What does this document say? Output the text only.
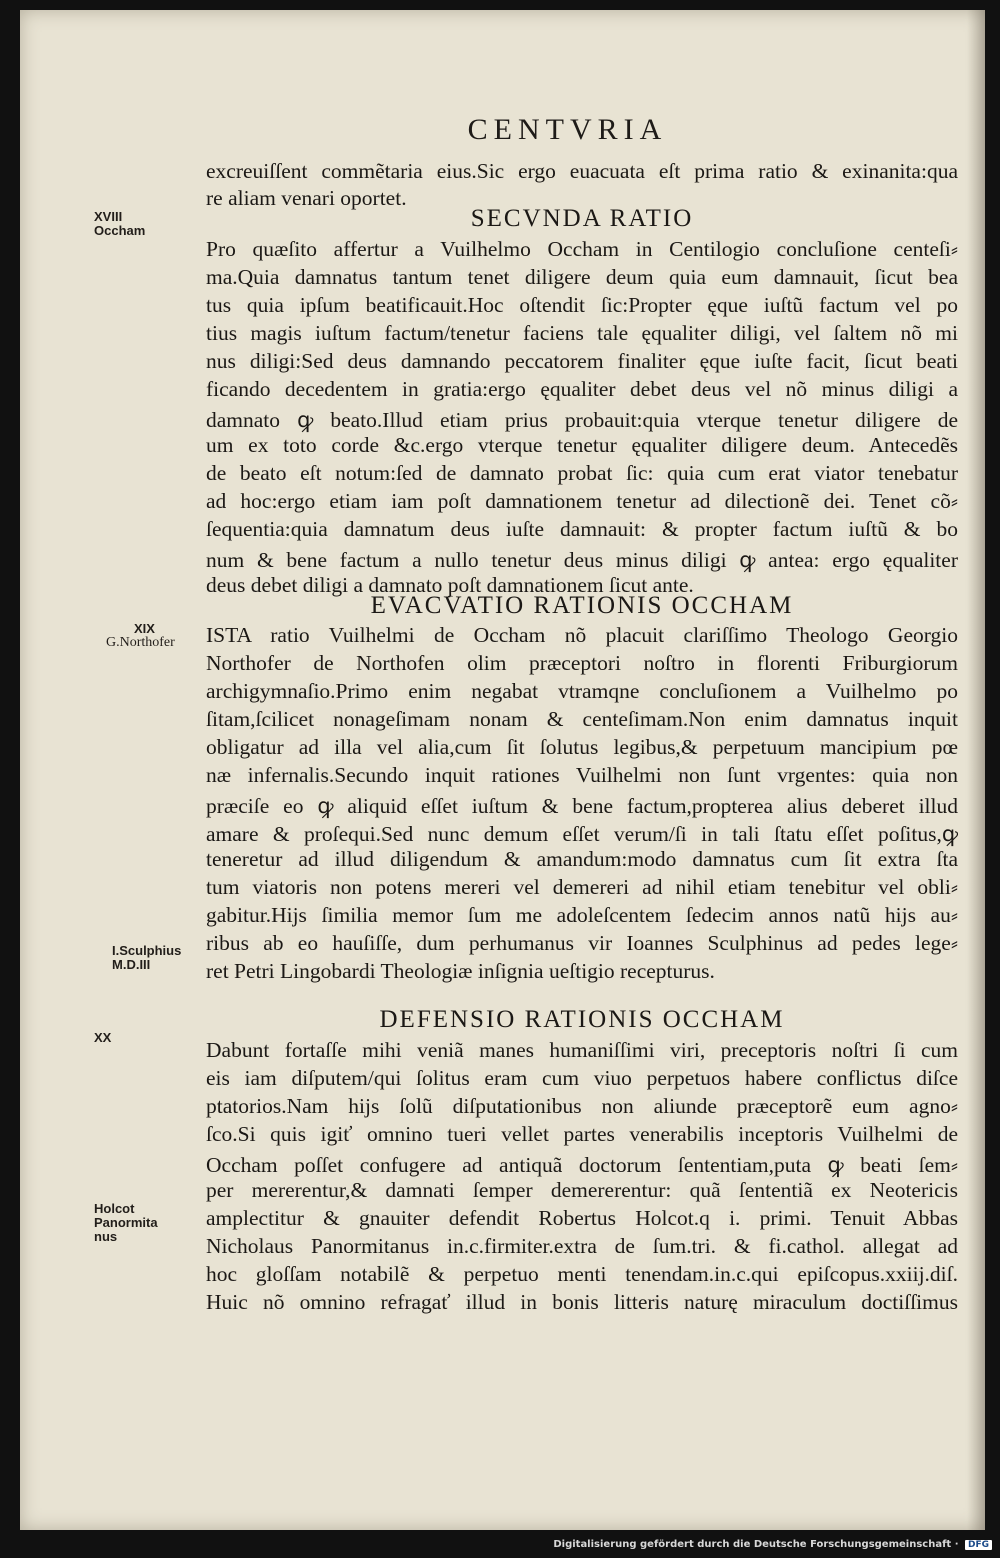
CENTVRIA
XVIII
Occham
XIX
G.Northofer
I.Sculphius
M.D.III
XX
Holcot
Panormita
nus
excreuiſſent commẽtaria eius.Sic ergo euacuata eſt prima ratio & exinanita:qua
re aliam venari oportet.
SECVNDA RATIO
Pro quæſito affertur a Vuilhelmo Occham in Centilogio concluſione centeſi⸗
ma.Quia damnatus tantum tenet diligere deum quia eum damnauit, ſicut bea
tus quia ipſum beatificauit.Hoc oſtendit ſic:Propter ęque iuſtũ factum vel po
tius magis iuſtum factum/tenetur faciens tale ęqualiter diligi, vel ſaltem nõ mi
nus diligi:Sed deus damnando peccatorem finaliter ęque iuſte facit, ſicut beati
ficando decedentem in gratia:ergo ęqualiter debet deus vel nõ minus diligi a
damnato ꝙ beato.Illud etiam prius probauit:quia vterque tenetur diligere de
um ex toto corde &c.ergo vterque tenetur ęqualiter diligere deum. Antecedẽs
de beato eſt notum:ſed de damnato probat ſic: quia cum erat viator tenebatur
ad hoc:ergo etiam iam poſt damnationem tenetur ad dilectionẽ dei. Tenet cõ⸗
ſequentia:quia damnatum deus iuſte damnauit: & propter factum iuſtũ & bo
num & bene factum a nullo tenetur deus minus diligi ꝙ antea: ergo ęqualiter
deus debet diligi a damnato poſt damnationem ſicut ante.
EVACVATIO RATIONIS OCCHAM
ISTA ratio Vuilhelmi de Occham nõ placuit clariſſimo Theologo Georgio
Northofer de Northofen olim præceptori noſtro in florenti Friburgiorum
archigymnaſio.Primo enim negabat vtramqne concluſionem a Vuilhelmo po
ſitam,ſcilicet nonageſimam nonam & centeſimam.Non enim damnatus inquit
obligatur ad illa vel alia,cum ſit ſolutus legibus,& perpetuum mancipium pœ
næ infernalis.Secundo inquit rationes Vuilhelmi non ſunt vrgentes: quia non
præciſe eo ꝙ aliquid eſſet iuſtum & bene factum,propterea alius deberet illud
amare & proſequi.Sed nunc demum eſſet verum/ſi in tali ſtatu eſſet poſitus,ꝙ
teneretur ad illud diligendum & amandum:modo damnatus cum ſit extra ſta
tum viatoris non potens mereri vel demereri ad nihil etiam tenebitur vel obli⸗
gabitur.Hijs ſimilia memor ſum me adoleſcentem ſedecim annos natũ hijs au⸗
ribus ab eo hauſiſſe, dum perhumanus vir Ioannes Sculphinus ad pedes lege⸗
ret Petri Lingobardi Theologiæ inſignia ueſtigio recepturus.
DEFENSIO RATIONIS OCCHAM
Dabunt fortaſſe mihi veniã manes humaniſſimi viri, preceptoris noſtri ſi cum
eis iam diſputem/qui ſolitus eram cum viuo perpetuos habere conflictus diſce
ptatorios.Nam hijs ſolũ diſputationibus non aliunde præceptorẽ eum agno⸗
ſco.Si quis igiť omnino tueri vellet partes venerabilis inceptoris Vuilhelmi de
Occham poſſet confugere ad antiquã doctorum ſententiam,puta ꝙ beati ſem⸗
per mererentur,& damnati ſemper demererentur: quã ſententiã ex Neotericis
amplectitur & gnauiter defendit Robertus Holcot.q i. primi. Tenuit Abbas
Nicholaus Panormitanus in.c.firmiter.extra de ſum.tri. & fi.cathol. allegat ad
hoc gloſſam notabilẽ & perpetuo menti tenendam.in.c.qui epiſcopus.xxiij.diſ.
Huic nõ omnino refragať illud in bonis litteris naturę miraculum doctiſſimus
Digitalisierung gefördert durch die Deutsche Forschungsgemeinschaft · DFG
